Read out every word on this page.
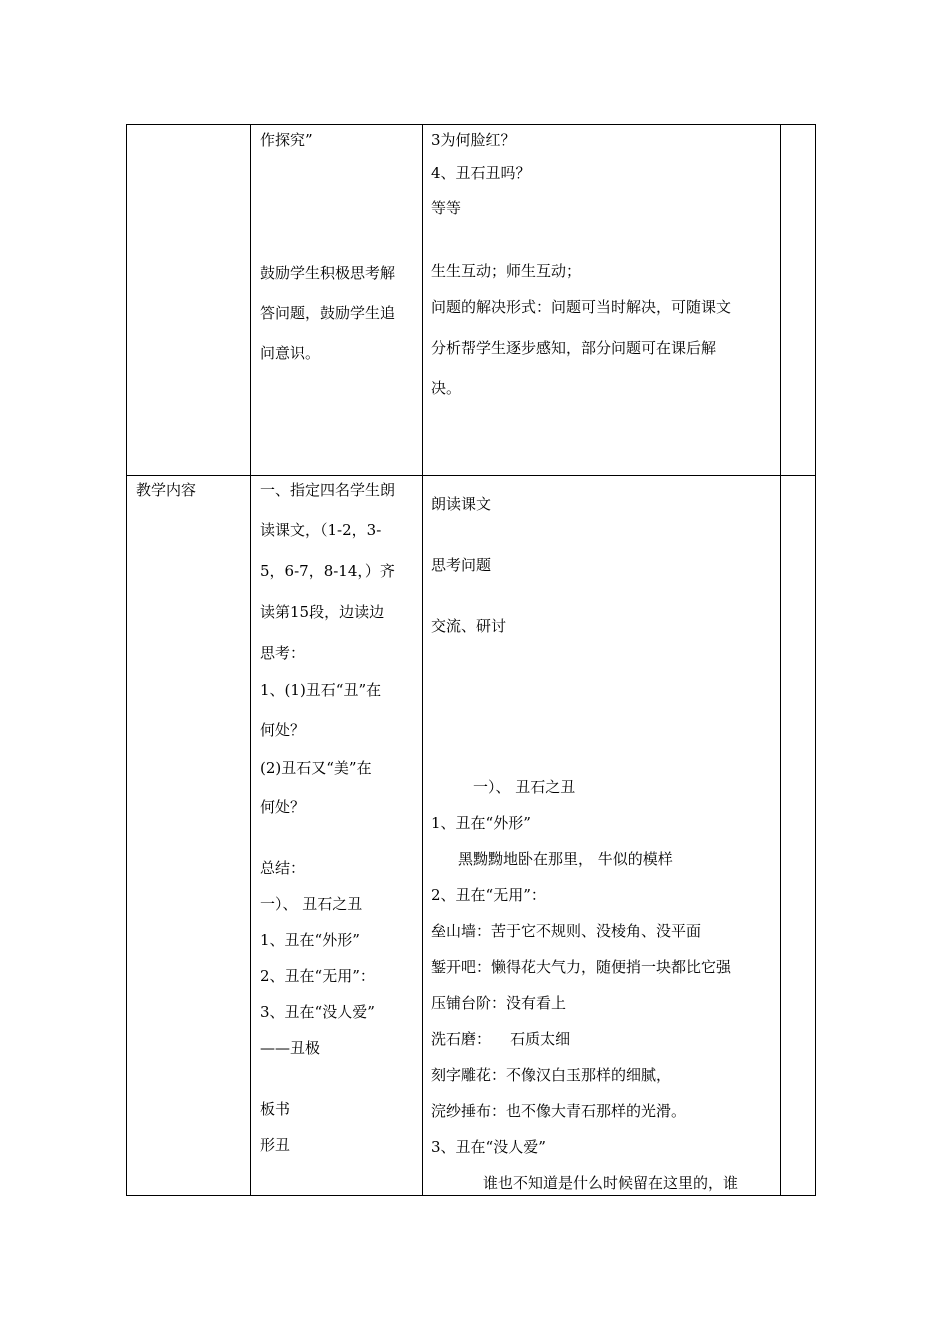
作探究”
鼓励学生积极思考解
答问题，鼓励学生追
问意识。
3为何脸红？
4、丑石丑吗？
等等
生生互动；师生互动；
问题的解决形式：问题可当时解决，可随课文
分析帮学生逐步感知，部分问题可在课后解
决。
教学内容	一、指定四名学生朗
读课文，（1-2，3-
5，6-7，8-14，）齐
读第15段，边读边
思考：
1、(1)丑石“丑”在
何处？
(2)丑石又“美”在
何处？
总结：
一）、 丑石之丑
1、丑在“外形”
2、丑在“无用”：
3、丑在“没人爱”
——丑极
板书
形丑
朗读课文
思考问题
交流、研讨
一）、 丑石之丑
1、丑在“外形”
黑黝黝地卧在那里， 牛似的模样
2、丑在“无用”：
垒山墙：苦于它不规则、没棱角、没平面
錾开吧：懒得花大气力，随便捎一块都比它强
压铺台阶：没有看上
洗石磨：    石质太细
刻字雕花：不像汉白玉那样的细腻，
浣纱捶布：也不像大青石那样的光滑。
3、丑在“没人爱”
谁也不知道是什么时候留在这里的，谁
